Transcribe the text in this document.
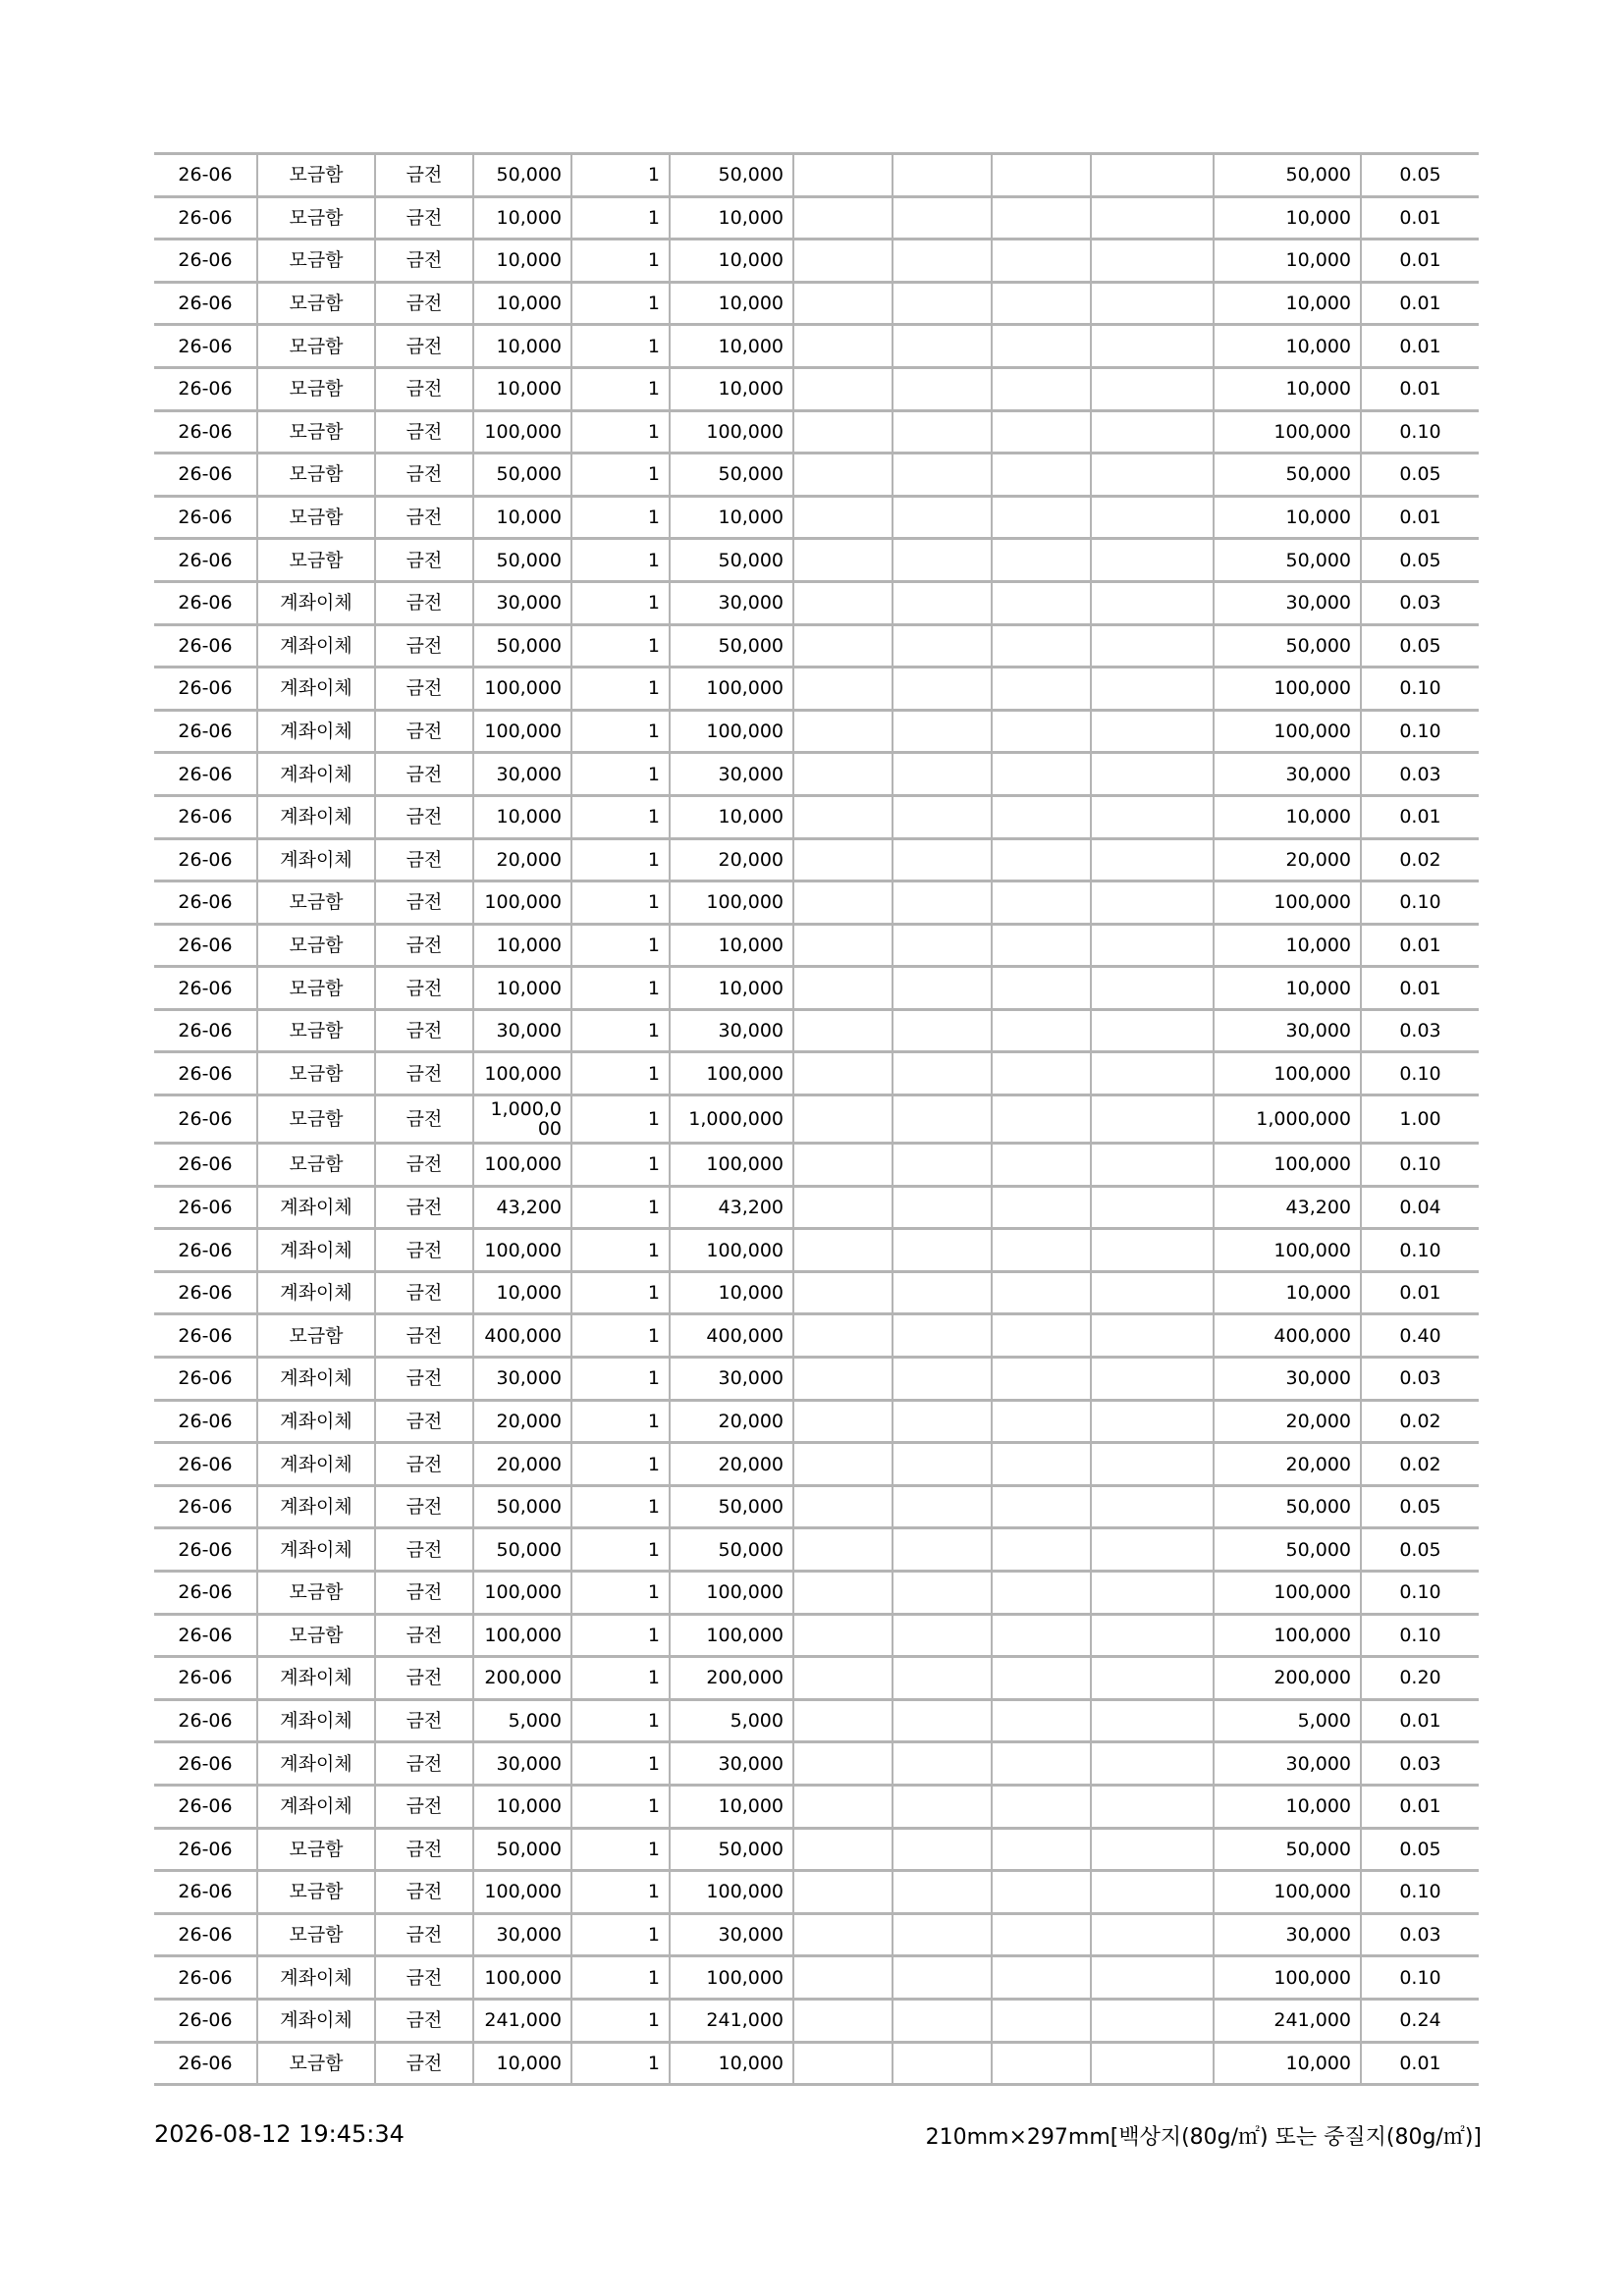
26-06	모금함	금전	50,000	1	50,000					50,000	0.05
26-06	모금함	금전	10,000	1	10,000					10,000	0.01
26-06	모금함	금전	10,000	1	10,000					10,000	0.01
26-06	모금함	금전	10,000	1	10,000					10,000	0.01
26-06	모금함	금전	10,000	1	10,000					10,000	0.01
26-06	모금함	금전	10,000	1	10,000					10,000	0.01
26-06	모금함	금전	100,000	1	100,000					100,000	0.10
26-06	모금함	금전	50,000	1	50,000					50,000	0.05
26-06	모금함	금전	10,000	1	10,000					10,000	0.01
26-06	모금함	금전	50,000	1	50,000					50,000	0.05
26-06	계좌이체	금전	30,000	1	30,000					30,000	0.03
26-06	계좌이체	금전	50,000	1	50,000					50,000	0.05
26-06	계좌이체	금전	100,000	1	100,000					100,000	0.10
26-06	계좌이체	금전	100,000	1	100,000					100,000	0.10
26-06	계좌이체	금전	30,000	1	30,000					30,000	0.03
26-06	계좌이체	금전	10,000	1	10,000					10,000	0.01
26-06	계좌이체	금전	20,000	1	20,000					20,000	0.02
26-06	모금함	금전	100,000	1	100,000					100,000	0.10
26-06	모금함	금전	10,000	1	10,000					10,000	0.01
26-06	모금함	금전	10,000	1	10,000					10,000	0.01
26-06	모금함	금전	30,000	1	30,000					30,000	0.03
26-06	모금함	금전	100,000	1	100,000					100,000	0.10
26-06	모금함	금전	1,000,000	1	1,000,000					1,000,000	1.00
26-06	모금함	금전	100,000	1	100,000					100,000	0.10
26-06	계좌이체	금전	43,200	1	43,200					43,200	0.04
26-06	계좌이체	금전	100,000	1	100,000					100,000	0.10
26-06	계좌이체	금전	10,000	1	10,000					10,000	0.01
26-06	모금함	금전	400,000	1	400,000					400,000	0.40
26-06	계좌이체	금전	30,000	1	30,000					30,000	0.03
26-06	계좌이체	금전	20,000	1	20,000					20,000	0.02
26-06	계좌이체	금전	20,000	1	20,000					20,000	0.02
26-06	계좌이체	금전	50,000	1	50,000					50,000	0.05
26-06	계좌이체	금전	50,000	1	50,000					50,000	0.05
26-06	모금함	금전	100,000	1	100,000					100,000	0.10
26-06	모금함	금전	100,000	1	100,000					100,000	0.10
26-06	계좌이체	금전	200,000	1	200,000					200,000	0.20
26-06	계좌이체	금전	5,000	1	5,000					5,000	0.01
26-06	계좌이체	금전	30,000	1	30,000					30,000	0.03
26-06	계좌이체	금전	10,000	1	10,000					10,000	0.01
26-06	모금함	금전	50,000	1	50,000					50,000	0.05
26-06	모금함	금전	100,000	1	100,000					100,000	0.10
26-06	모금함	금전	30,000	1	30,000					30,000	0.03
26-06	계좌이체	금전	100,000	1	100,000					100,000	0.10
26-06	계좌이체	금전	241,000	1	241,000					241,000	0.24
26-06	모금함	금전	10,000	1	10,000					10,000	0.01
2026-08-12 19:45:34	210mm×297mm[백상지(80g/㎡) 또는 중질지(80g/㎡)]
